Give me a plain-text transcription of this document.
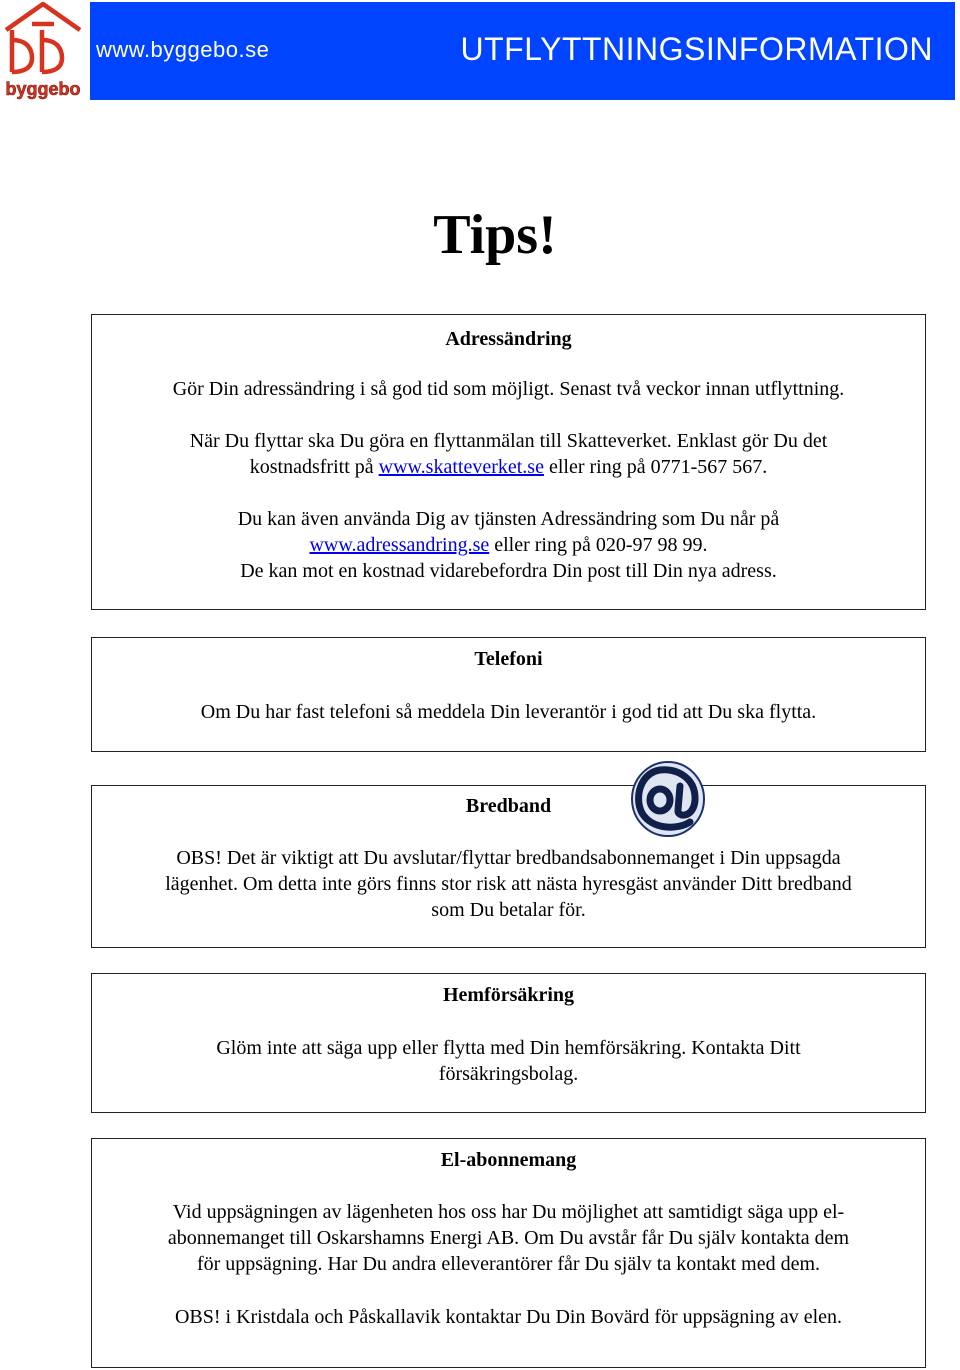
byggebo
www.byggebo.se	UTFLYTTNINGSINFORMATION
Tips!
Adressändring

Gör Din adressändring i så god tid som möjligt. Senast två veckor innan utflyttning.

När Du flyttar ska Du göra en flyttanmälan till Skatteverket. Enklast gör Du det
kostnadsfritt på www.skatteverket.se eller ring på 0771-567 567.

Du kan även använda Dig av tjänsten Adressändring som Du når på
www.adressandring.se eller ring på 020-97 98 99.
De kan mot en kostnad vidarebefordra Din post till Din nya adress.

Telefoni

Om Du har fast telefoni så meddela Din leverantör i god tid att Du ska flytta.

Bredband

OBS! Det är viktigt att Du avslutar/flyttar bredbandsabonnemanget i Din uppsagda
lägenhet. Om detta inte görs finns stor risk att nästa hyresgäst använder Ditt bredband
som Du betalar för.

Hemförsäkring

Glöm inte att säga upp eller flytta med Din hemförsäkring. Kontakta Ditt
försäkringsbolag.

El-abonnemang

Vid uppsägningen av lägenheten hos oss har Du möjlighet att samtidigt säga upp el-
abonnemanget till Oskarshamns Energi AB. Om Du avstår får Du själv kontakta dem
för uppsägning. Har Du andra elleverantörer får Du själv ta kontakt med dem.

OBS! i Kristdala och Påskallavik kontaktar Du Din Bovärd för uppsägning av elen.
